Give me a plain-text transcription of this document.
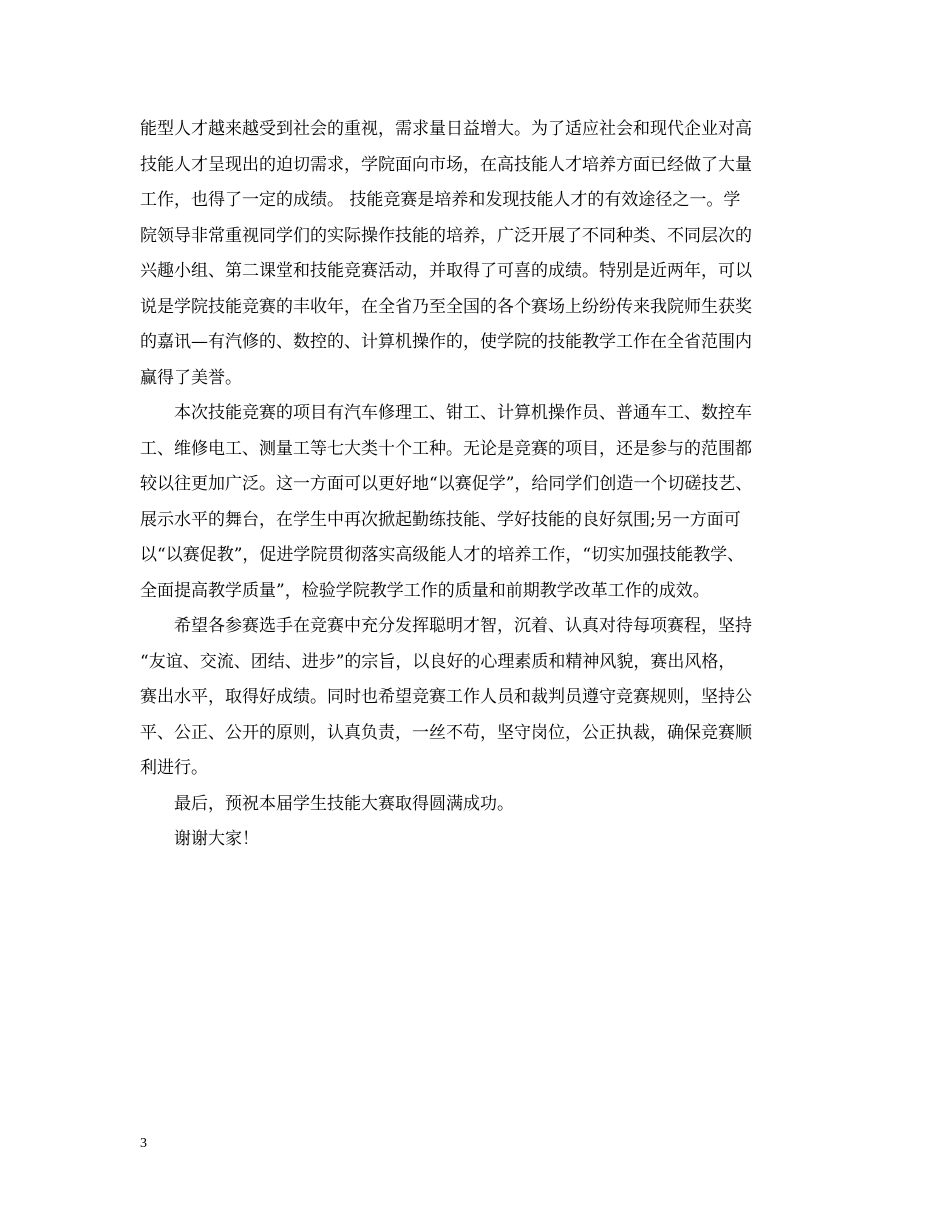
能型人才越来越受到社会的重视，需求量日益增大。为了适应社会和现代企业对高
技能人才呈现出的迫切需求，学院面向市场，在高技能人才培养方面已经做了大量
工作，也得了一定的成绩。 技能竞赛是培养和发现技能人才的有效途径之一。学
院领导非常重视同学们的实际操作技能的培养，广泛开展了不同种类、不同层次的
兴趣小组、第二课堂和技能竞赛活动，并取得了可喜的成绩。特别是近两年，可以
说是学院技能竞赛的丰收年，在全省乃至全国的各个赛场上纷纷传来我院师生获奖
的嘉讯—有汽修的、数控的、计算机操作的，使学院的技能教学工作在全省范围内
赢得了美誉。
　　本次技能竞赛的项目有汽车修理工、钳工、计算机操作员、普通车工、数控车
工、维修电工、测量工等七大类十个工种。无论是竞赛的项目，还是参与的范围都
较以往更加广泛。这一方面可以更好地“以赛促学”，给同学们创造一个切磋技艺、
展示水平的舞台，在学生中再次掀起勤练技能、学好技能的良好氛围;另一方面可
以“以赛促教”，促进学院贯彻落实高级能人才的培养工作，“切实加强技能教学、
全面提高教学质量”，检验学院教学工作的质量和前期教学改革工作的成效。
　　希望各参赛选手在竞赛中充分发挥聪明才智，沉着、认真对待每项赛程，坚持
“友谊、交流、团结、进步”的宗旨，以良好的心理素质和精神风貌，赛出风格，
赛出水平，取得好成绩。同时也希望竞赛工作人员和裁判员遵守竞赛规则，坚持公
平、公正、公开的原则，认真负责，一丝不苟，坚守岗位，公正执裁，确保竞赛顺
利进行。
　　最后，预祝本届学生技能大赛取得圆满成功。
　　谢谢大家！
3
